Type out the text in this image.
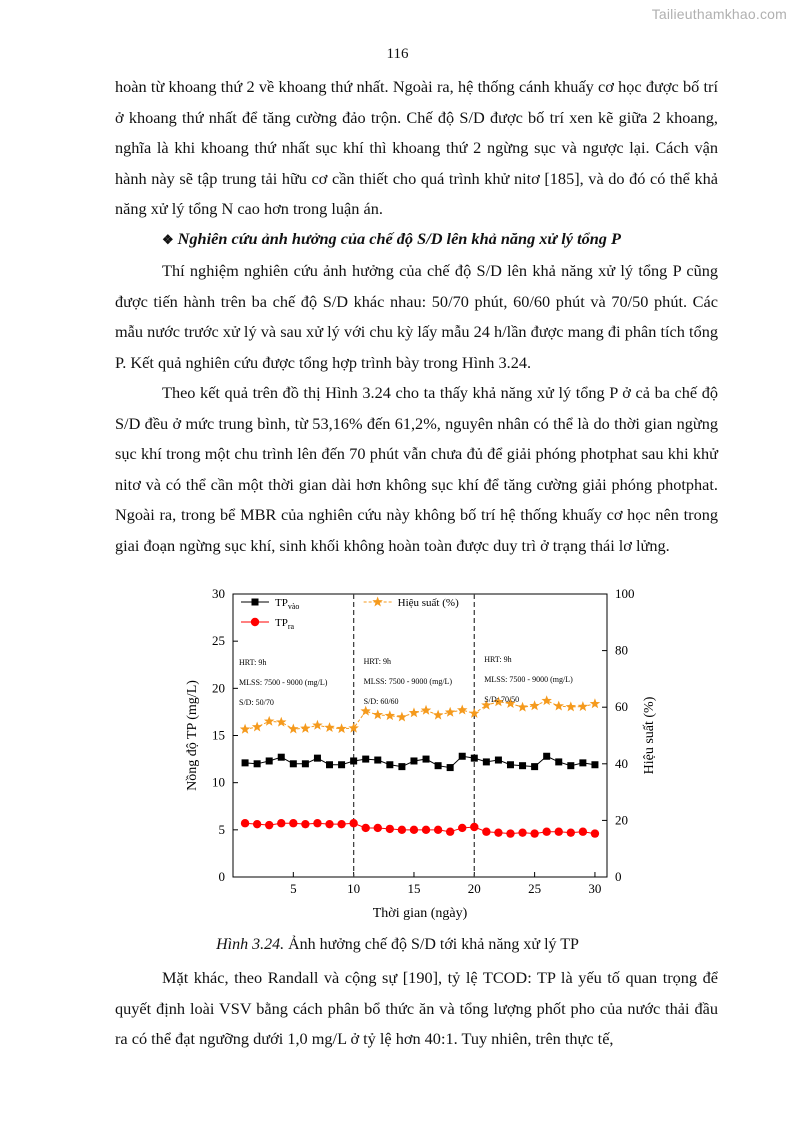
Tailieuthamkhao.com
116

hoàn từ khoang thứ 2 về khoang thứ nhất. Ngoài ra, hệ thống cánh khuấy cơ học được bố trí ở khoang thứ nhất để tăng cường đảo trộn. Chế độ S/D được bố trí xen kẽ giữa 2 khoang, nghĩa là khi khoang thứ nhất sục khí thì khoang thứ 2 ngừng sục và ngược lại. Cách vận hành này sẽ tập trung tải hữu cơ cần thiết cho quá trình khử nitơ [185], và do đó có thể khả năng xử lý tổng N cao hơn trong luận án.

❖ Nghiên cứu ảnh hưởng của chế độ S/D lên khả năng xử lý tổng P

Thí nghiệm nghiên cứu ảnh hưởng của chế độ S/D lên khả năng xử lý tổng P cũng được tiến hành trên ba chế độ S/D khác nhau: 50/70 phút, 60/60 phút và 70/50 phút. Các mẫu nước trước xử lý và sau xử lý với chu kỳ lấy mẫu 24 h/lần được mang đi phân tích tổng P. Kết quả nghiên cứu được tổng hợp trình bày trong Hình 3.24.

Theo kết quả trên đồ thị Hình 3.24 cho ta thấy khả năng xử lý tổng P ở cả ba chế độ S/D đều ở mức trung bình, từ 53,16% đến 61,2%, nguyên nhân có thể là do thời gian ngừng sục khí trong một chu trình lên đến 70 phút vẫn chưa đủ để giải phóng photphat sau khi khử nitơ và có thể cần một thời gian dài hơn không sục khí để tăng cường giải phóng photphat. Ngoài ra, trong bể MBR của nghiên cứu này không bố trí hệ thống khuấy cơ học nên trong giai đoạn ngừng sục khí, sinh khối không hoàn toàn được duy trì ở trạng thái lơ lửng.

5	10	15	20	25	30
0
5
10
15
20
25
30
0
20
40
60
80
100
Thời gian (ngày)
Nồng độ TP (mg/L)	Hiệu suất (%)
HRT: 9h
MLSS: 7500 - 9000 (mg/L)
S/D: 50/70
HRT: 9h
MLSS: 7500 - 9000 (mg/L)
S/D: 60/60
HRT: 9h
MLSS: 7500 - 9000 (mg/L)
S/D: 70/50
$TP_{vào}$
$TP_{ra}$
Hiệu suất (%)
Hình 3.24. Ảnh hưởng chế độ S/D tới khả năng xử lý TP

Mặt khác, theo Randall và cộng sự [190], tỷ lệ TCOD: TP là yếu tố quan trọng để quyết định loài VSV bằng cách phân bổ thức ăn và tổng lượng phốt pho của nước thải đầu ra có thể đạt ngưỡng dưới 1,0 mg/L ở tỷ lệ hơn 40:1. Tuy nhiên, trên thực tế,
